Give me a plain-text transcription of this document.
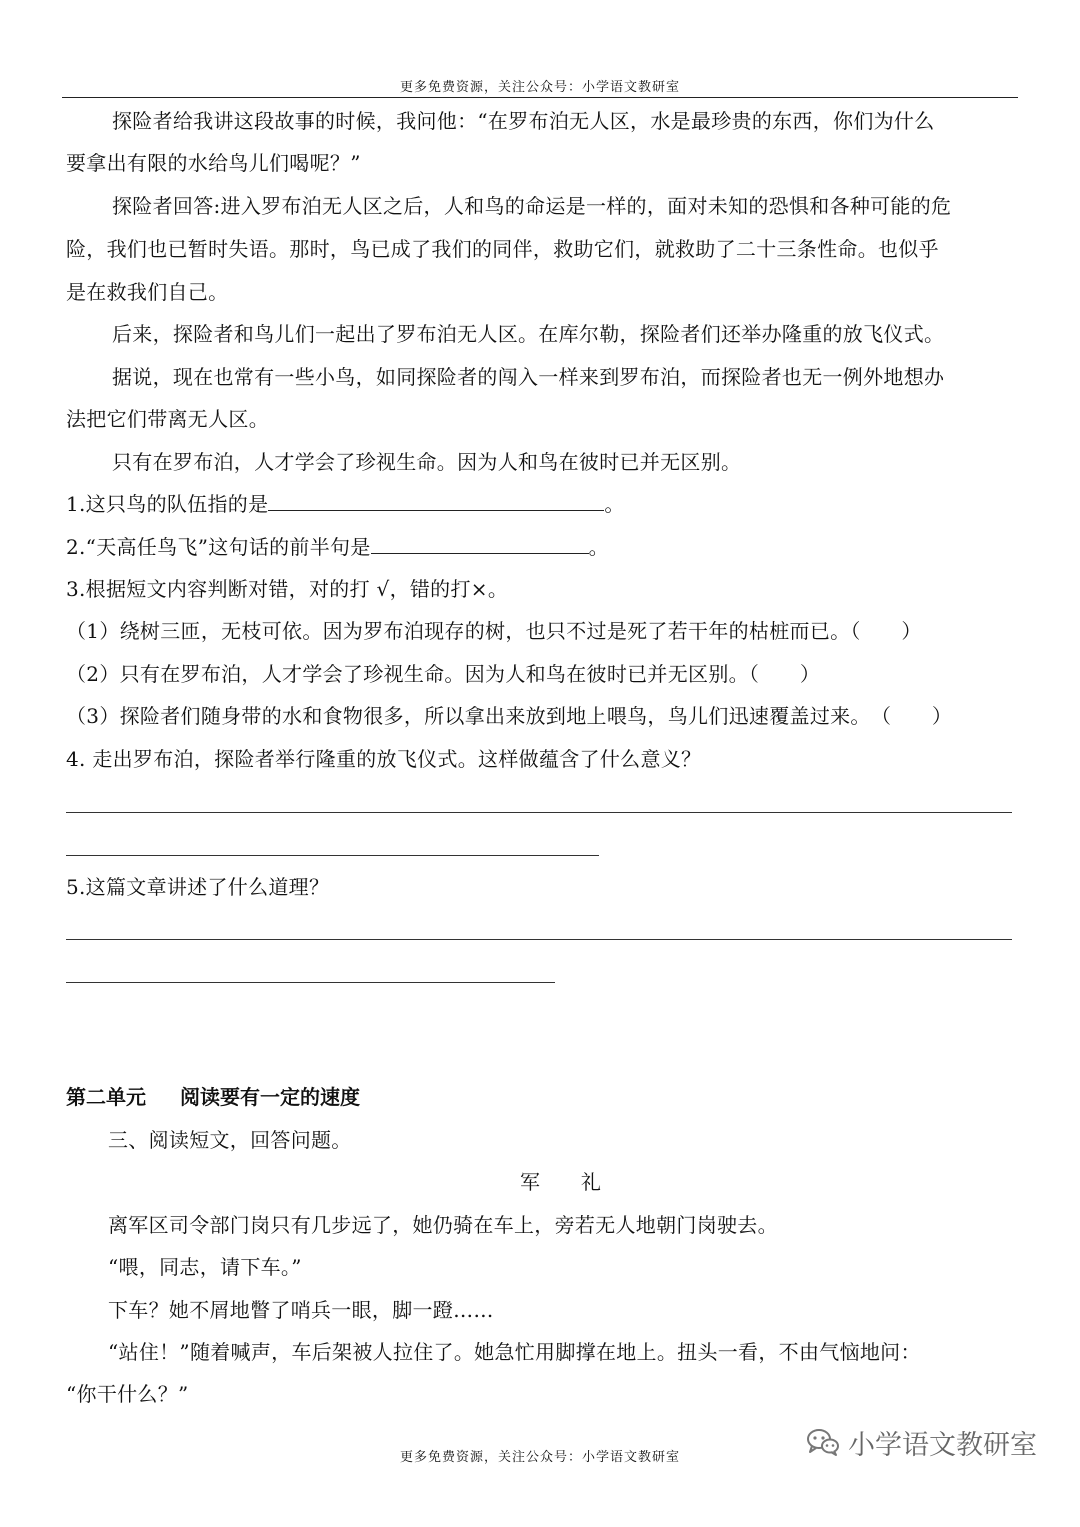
更多免费资源，关注公众号：小学语文教研室
探险者给我讲这段故事的时候，我问他：“在罗布泊无人区，水是最珍贵的东西，你们为什么
要拿出有限的水给鸟儿们喝呢？”
探险者回答:进入罗布泊无人区之后，人和鸟的命运是一样的，面对未知的恐惧和各种可能的危
险，我们也已暂时失语。那时，鸟已成了我们的同伴，救助它们，就救助了二十三条性命。也似乎
是在救我们自己。
后来，探险者和鸟儿们一起出了罗布泊无人区。在库尔勒，探险者们还举办隆重的放飞仪式。
据说，现在也常有一些小鸟，如同探险者的闯入一样来到罗布泊，而探险者也无一例外地想办
法把它们带离无人区。
只有在罗布泊，人才学会了珍视生命。因为人和鸟在彼时已并无区别。
1.这只鸟的队伍指的是	。
2.“天高任鸟飞”这句话的前半句是	。
3.根据短文内容判断对错，对的打 √，错的打×。
（1）绕树三匝，无枝可依。因为罗布泊现存的树，也只不过是死了若干年的枯桩而已。（　　）
（2）只有在罗布泊，人才学会了珍视生命。因为人和鸟在彼时已并无区别。（　　）
（3）探险者们随身带的水和食物很多，所以拿出来放到地上喂鸟，鸟儿们迅速覆盖过来。　（　　）
4. 走出罗布泊，探险者举行隆重的放飞仪式。这样做蕴含了什么意义？
5.这篇文章讲述了什么道理？
第二单元 阅读要有一定的速度
三、阅读短文，回答问题。
军　　礼
离军区司令部门岗只有几步远了，她仍骑在车上，旁若无人地朝门岗驶去。
“喂，同志，请下车。”
下车？她不屑地瞥了哨兵一眼，脚一蹬……
“站住！”随着喊声，车后架被人拉住了。她急忙用脚撑在地上。扭头一看，不由气恼地问：
“你干什么？”
更多免费资源，关注公众号：小学语文教研室	小学语文教研室
